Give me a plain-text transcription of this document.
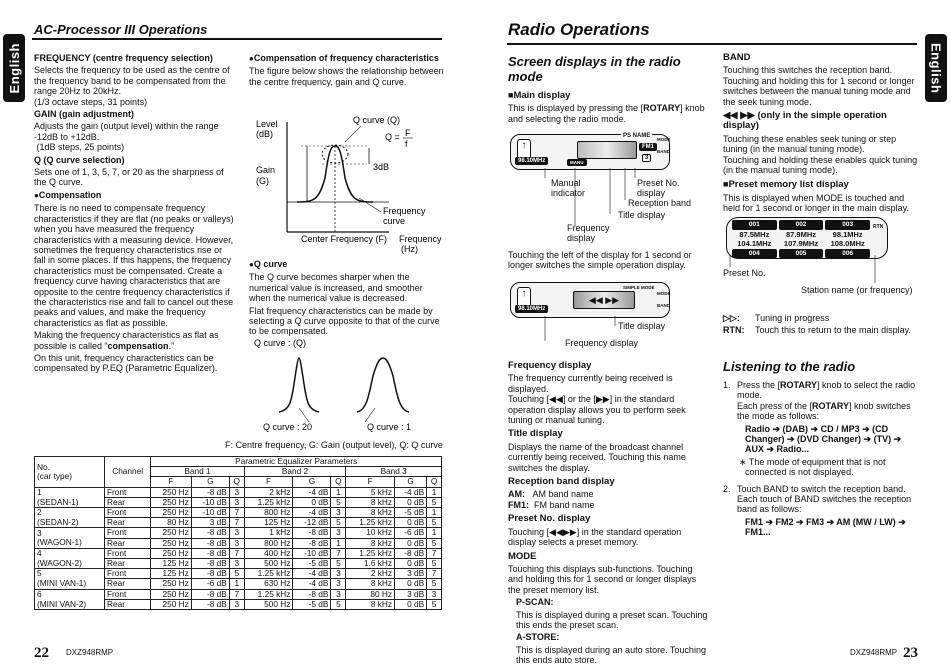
English
AC-Processor III Operations

FREQUENCY (centre frequency selection)

Selects the frequency to be used as the centre of the frequency band to be compensated from the range 20Hz to 20kHz.
(1/3 octave steps, 31 points)

GAIN (gain adjustment)

Adjusts the gain (output level) within the range -12dB to +12dB.
(1dB steps, 25 points)

Q (Q curve selection)

Sets one of 1, 3, 5, 7, or 20 as the sharpness of the Q curve.

● Compensation

There is no need to compensate frequency characteristics if they are flat (no peaks or valleys) when you have measured the frequency characteristics with a measuring device. However, sometimes the frequency characteristics rise or fall in some places. If this happens, the frequency characteristics must be compensated. Create a frequency curve having characteristics that are opposite to the centre frequency characteristics if the characteristics rise and fall to cancel out these peaks and values, and make the frequency characteristics as flat as possible.

Making the frequency characteristics as flat as possible is called “compensation.”

On this unit, frequency characteristics can be compensated by P.EQ (Parametric Equalizer).

● Compensation of frequency characteristics

The figure below shows the relationship between the centre frequency, gain and Q curve.

Level
(dB)
Gain
(G)
Q curve (Q)
Q = F
f
3dB
Frequency
curve
Center Frequency (F) Frequency
(Hz)

● Q curve

The Q curve becomes sharper when the numerical value is increased, and smoother when the numerical value is decreased.

Flat frequency characteristics can be made by selecting a Q curve opposite to that of the curve to be compensated.

Q curve : (Q)
Q curve : 20	Q curve : 1
F: Centre frequency, G: Gain (output level), Q: Q curve
No.
(car type)	Channel	Parametric Equalizer Parameters								
		Band 1			Band 2			Band 3		
		F	G	Q	F	G	Q	F	G	Q
1	Front	250 Hz	-8 dB	3	2 kHz	-4 dB	1	5 kHz	-4 dB	1
(SEDAN-1)	Rear	250 Hz	-10 dB	3	1.25 kHz	0 dB	5	8 kHz	0 dB	5
2	Front	250 Hz	-10 dB	7	800 Hz	-4 dB	3	8 kHz	-5 dB	1
(SEDAN-2)	Rear	80 Hz	3 dB	7	125 Hz	-12 dB	5	1.25 kHz	0 dB	5
3	Front	250 Hz	-8 dB	3	1 kHz	-8 dB	3	10 kHz	-6 dB	1
(WAGON-1)	Rear	250 Hz	-8 dB	3	800 Hz	-8 dB	1	8 kHz	0 dB	5
4	Front	250 Hz	-8 dB	7	400 Hz	-10 dB	7	1.25 kHz	-8 dB	7
(WAGON-2)	Rear	125 Hz	-8 dB	3	500 Hz	-5 dB	5	1.6 kHz	0 dB	5
5	Front	125 Hz	-8 dB	5	1.25 kHz	-4 dB	3	2 kHz	3 dB	7
(MINI VAN-1)	Rear	250 Hz	-6 dB	1	630 Hz	-4 dB	3	8 kHz	0 dB	5
6	Front	250 Hz	-8 dB	7	1.25 kHz	-8 dB	3	80 Hz	3 dB	3
(MINI VAN-2)	Rear	250 Hz	-8 dB	3	500 Hz	-5 dB	5	8 kHz	0 dB	5
22 DXZ948RMP
English
Radio Operations
Screen displays in the radio mode

■ Main display

This is displayed by pressing the [ROTARY] knob and selecting the radio mode.

↑
PS NAME
98.10MHz	MANU
FM1
3
MODE

BAND
Manual
indicator
Preset No.
display
Reception band
Title display
Frequency
display
Touching the left of the display for 1 second or longer switches the simple operation display.
↑
◀◀ ▶▶
SIMPLE MODE
98.10MHz
MODE

BAND
Title display
Frequency display

Frequency display

The frequency currently being received is displayed.
Touching [◀◀] or the [▶▶] in the standard operation display allows you to perform seek tuning or manual tuning.

Title display

Displays the name of the broadcast channel currently being received. Touching this name switches the display.

Reception band display

AM: AM band name
FM1: FM band name

Preset No. display

Touching [◀◀▶▶] in the standard operation display selects a preset memory.

MODE

Touching this displays sub-functions. Touching and holding this for 1 second or longer displays the preset memory list.

P-SCAN:

This is displayed during a preset scan. Touching this ends the preset scan.

A-STORE:

This is displayed during an auto store. Touching this ends auto store.

BAND

Touching this switches the reception band. Touching and holding this for 1 second or longer switches between the manual tuning mode and the seek tuning mode.

◀◀ ▶▶ (only in the simple operation display)

Touching these enables seek tuning or step tuning (in the manual tuning mode).
Touching and holding these enables quick tuning (in the manual tuning mode).

■ Preset memory list display

This is displayed when MODE is touched and held for 1 second or longer in the main display.

001	002	003
87.5MHz	87.9MHz	98.1MHz
104.1MHz	107.9MHz	108.0MHz
004	005	006
RTN
Preset No.
Station name (or frequency)

▷▷: Tuning in progress

RTN: Touch this to return to the main display.

Listening to the radio
1. Press the [ROTARY] knob to select the radio mode.
Each press of the [ROTARY] knob switches the mode as follows:

Radio ➔ (DAB) ➔ CD / MP3 ➔ (CD Changer) ➔ (DVD Changer) ➔ (TV) ➔ AUX ➔ Radio...

∗ The mode of equipment that is not connected is not displayed.

2. Touch BAND to switch the reception band.
Each touch of BAND switches the reception band as follows:

FM1 ➔ FM2 ➔ FM3 ➔ AM (MW / LW) ➔ FM1...

DXZ948RMP 23
